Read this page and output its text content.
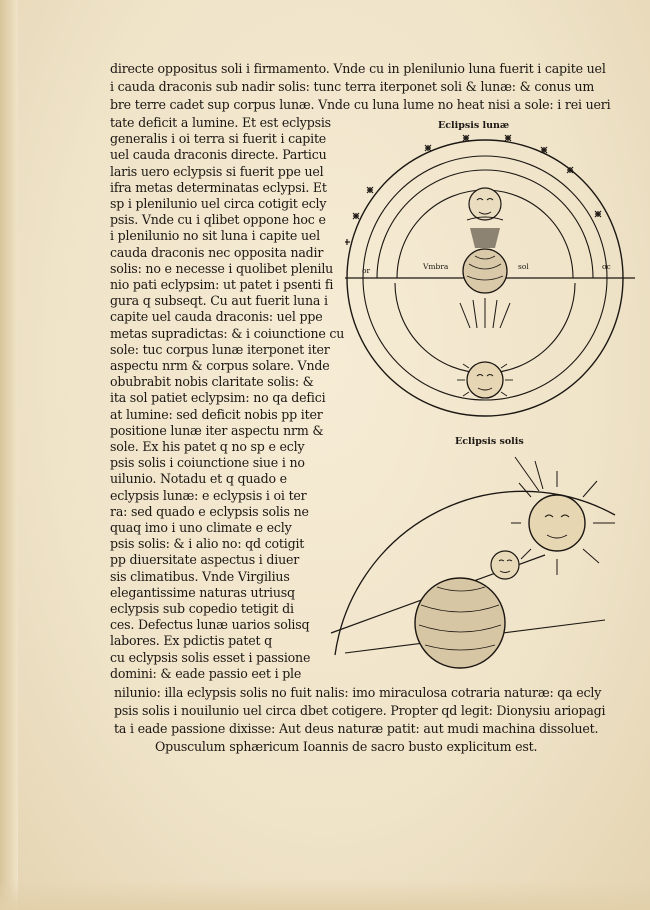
directe oppositus soli i firmamento. Vnde cu in plenilunio luna fuerit i capite uel
i cauda draconis sub nadir solis: tunc terra iterponet soli & lunæ: & conus um
bre terre cadet sup corpus lunæ. Vnde cu luna lume no heat nisi a sole: i rei ueri
tate deficit a lumine. Et est eclypsis
generalis i oi terra si fuerit i capite
uel cauda draconis directe. Particu
laris uero eclypsis si fuerit ppe uel
ifra metas determinatas eclypsi. Et
sp i plenilunio uel circa cotigit ecly
psis. Vnde cu i qlibet oppone hoc e
i plenilunio no sit luna i capite uel
cauda draconis nec opposita nadir
solis: no e necesse i quolibet plenilu
nio pati eclypsim: ut patet i psenti fi
gura q subseqt. Cu aut fuerit luna i
capite uel cauda draconis: uel ppe
metas supradictas: & i coiunctione cu
sole: tuc corpus lunæ iterponet iter
aspectu nrm & corpus solare. Vnde
obubrabit nobis claritate solis: &
ita sol patiet eclypsim: no qa defici
at lumine: sed deficit nobis pp iter
positione lunæ iter aspectu nrm &
sole. Ex his patet q no sp e ecly
psis solis i coiunctione siue i no
uilunio. Notadu et q quado e
eclypsis lunæ: e eclypsis i oi ter
ra: sed quado e eclypsis solis ne
quaq imo i uno climate e ecly
psis solis: & i alio no: qd cotigit
pp diuersitate aspectus i diuer
sis climatibus. Vnde Virgilius
elegantissime naturas utriusq
eclypsis sub copedio tetigit di
ces. Defectus lunæ uarios solisq
labores. Ex pdictis patet q
cu eclypsis solis esset i passione
domini: & eade passio eet i ple
nilunio: illa eclypsis solis no fuit nalis: imo miraculosa cotraria naturæ: qa ecly
psis solis i nouilunio uel circa dbet cotigere. Propter qd legit: Dionysiu ariopagi
ta i eade passione dixisse: Aut deus naturæ patit: aut mudi machina dissoluet.
Opusculum sphæricum Ioannis de sacro busto explicitum est.
Eclipsis lunæ
or	Vmbra	sol	oc
Eclipsis solis
